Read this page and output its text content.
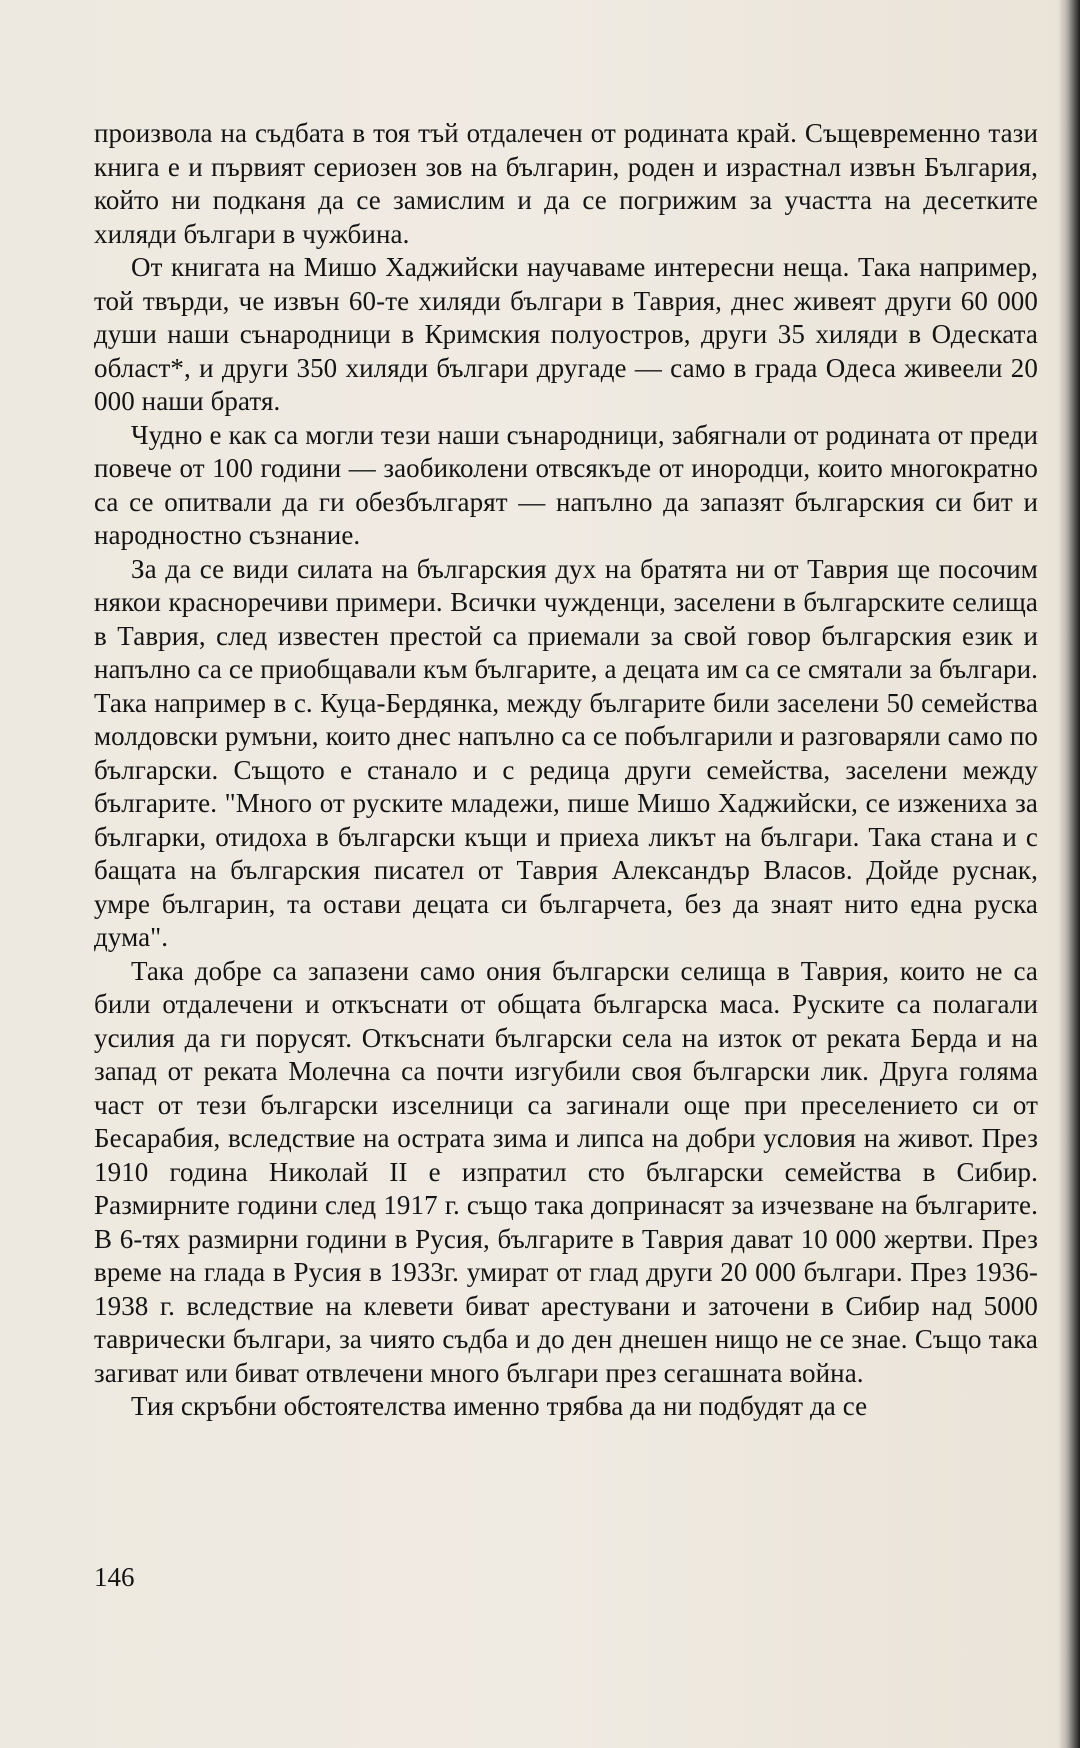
произвола на съдбата в тоя тъй отдалечен от родината край. Същевременно тази книга е и първият сериозен зов на българин, роден и израстнал извън България, който ни подканя да се замислим и да се погрижим за участта на десетките хиляди българи в чужбина.

От книгата на Мишо Хаджийски научаваме интересни неща. Така например, той твърди, че извън 60-те хиляди българи в Таврия, днес живеят други 60 000 души наши сънародници в Кримския полуостров, други 35 хиляди в Одеската област*, и други 350 хиляди българи другаде — само в града Одеса живеели 20 000 наши братя.

Чудно е как са могли тези наши сънародници, забягнали от родината от преди повече от 100 години — заобиколени отвсякъде от инородци, които многократно са се опитвали да ги обезбългарят — напълно да запазят българския си бит и народностно съзнание.

За да се види силата на българския дух на братята ни от Таврия ще посочим някои красноречиви примери. Всички чужденци, заселени в българските селища в Таврия, след известен престой са приемали за свой говор българския език и напълно са се приобщавали към българите, а децата им са се смятали за българи. Така например в с. Куца-Бердянка, между българите били заселени 50 семейства молдовски румъни, които днес напълно са се побългарили и разговаряли само по български. Същото е станало и с редица други семейства, заселени между българите. "Много от руските младежи, пише Мишо Хаджийски, се изжениха за българки, отидоха в български къщи и приеха ликът на българи. Така стана и с бащата на българския писател от Таврия Александър Власов. Дойде руснак, умре българин, та остави децата си българчета, без да знаят нито една руска дума".

Така добре са запазени само ония български селища в Таврия, които не са били отдалечени и откъснати от общата българска маса. Руските са полагали усилия да ги порусят. Откъснати български села на изток от реката Берда и на запад от реката Молечна са почти изгубили своя български лик. Друга голяма част от тези български изселници са загинали още при преселението си от Бесарабия, вследствие на острата зима и липса на добри условия на живот. През 1910 година Николай II е изпратил сто български семейства в Сибир. Размирните години след 1917 г. също така допринасят за изчезване на българите. В 6-тях размирни години в Русия, българите в Таврия дават 10 000 жертви. През време на глада в Русия в 1933г. умират от глад други 20 000 българи. През 1936-1938 г. вследствие на клевети биват арестувани и заточени в Сибир над 5000 таврически българи, за чиято съдба и до ден днешен нищо не се знае. Също така загиват или биват отвлечени много българи през сегашната война.

Тия скръбни обстоятелства именно трябва да ни подбудят да се

146
